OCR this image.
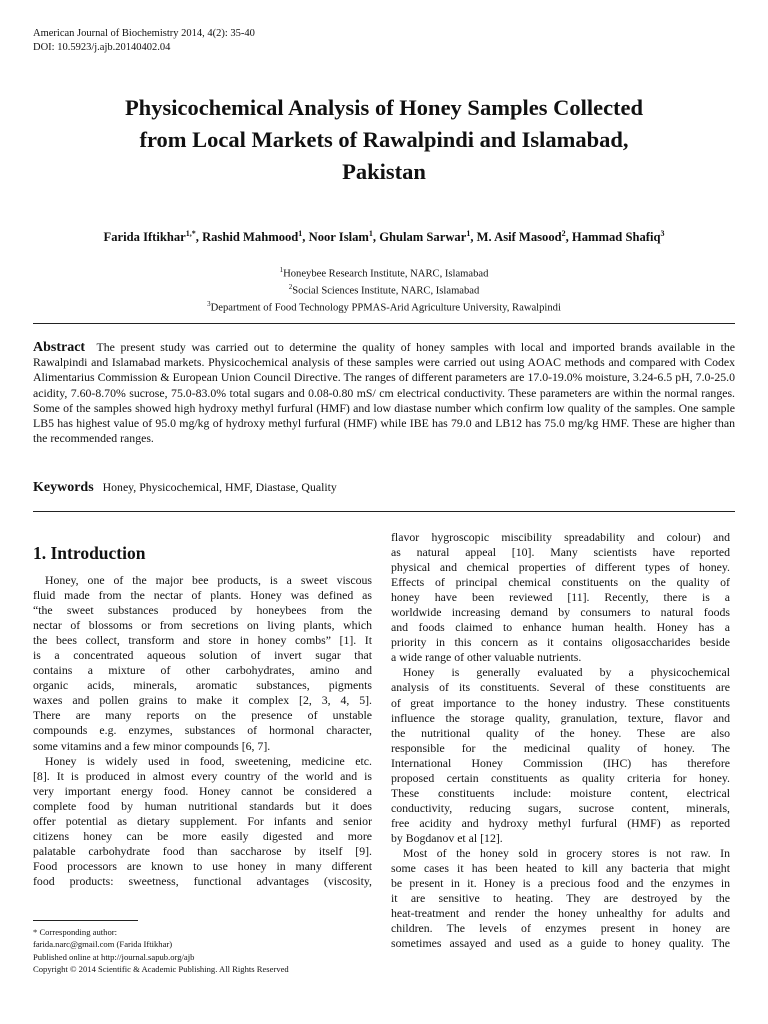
American Journal of Biochemistry 2014, 4(2): 35-40
DOI: 10.5923/j.ajb.20140402.04
Physicochemical Analysis of Honey Samples Collected
from Local Markets of Rawalpindi and Islamabad,
Pakistan
Farida Iftikhar$^{1,*}$, Rashid Mahmood$^1$, Noor Islam$^1$, Ghulam Sarwar$^1$, M. Asif Masood$^2$, Hammad Shafiq$^3$
$^1$Honeybee Research Institute, NARC, Islamabad
$^2$Social Sciences Institute, NARC, Islamabad
$^3$Department of Food Technology PPMAS-Arid Agriculture University, Rawalpindi
Abstract The present study was carried out to determine the quality of honey samples with local and imported brands available in the Rawalpindi and Islamabad markets. Physicochemical analysis of these samples were carried out using AOAC methods and compared with Codex Alimentarius Commission & European Union Council Directive. The ranges of different parameters are 17.0-19.0% moisture, 3.24-6.5 pH, 7.0-25.0 acidity, 7.60-8.70% sucrose, 75.0-83.0% total sugars and 0.08-0.80 mS/ cm electrical conductivity. These parameters are within the normal ranges. Some of the samples showed high hydroxy methyl furfural (HMF) and low diastase number which confirm low quality of the samples. One sample LB5 has highest value of 95.0 mg/kg of hydroxy methyl furfural (HMF) while IBE has 79.0 and LB12 has 75.0 mg/kg HMF. These are higher than the recommended ranges.
Keywords Honey, Physicochemical, HMF, Diastase, Quality
1. Introduction
Honey, one of the major bee products, is a sweet viscous
fluid made from the nectar of plants. Honey was defined as
“the sweet substances produced by honeybees from the
nectar of blossoms or from secretions on living plants, which
the bees collect, transform and store in honey combs” [1]. It
is a concentrated aqueous solution of invert sugar that
contains a mixture of other carbohydrates, amino and
organic acids, minerals, aromatic substances, pigments
waxes and pollen grains to make it complex [2, 3, 4, 5].
There are many reports on the presence of unstable
compounds e.g. enzymes, substances of hormonal character,
some vitamins and a few minor compounds [6, 7].
Honey is widely used in food, sweetening, medicine etc.
[8]. It is produced in almost every country of the world and is
very important energy food. Honey cannot be considered a
complete food by human nutritional standards but it does
offer potential as dietary supplement. For infants and senior
citizens honey can be more easily digested and more
palatable carbohydrate food than saccharose by itself [9].
Food processors are known to use honey in many different
food products: sweetness, functional advantages (viscosity,
flavor hygroscopic miscibility spreadability and colour) and
as natural appeal [10]. Many scientists have reported
physical and chemical properties of different types of honey.
Effects of principal chemical constituents on the quality of
honey have been reviewed [11]. Recently, there is a
worldwide increasing demand by consumers to natural foods
and foods claimed to enhance human health. Honey has a
priority in this concern as it contains oligosaccharides beside
a wide range of other valuable nutrients.
Honey is generally evaluated by a physicochemical
analysis of its constituents. Several of these constituents are
of great importance to the honey industry. These constituents
influence the storage quality, granulation, texture, flavor and
the nutritional quality of the honey. These are also
responsible for the medicinal quality of honey. The
International Honey Commission (IHC) has therefore
proposed certain constituents as quality criteria for honey.
These constituents include: moisture content, electrical
conductivity, reducing sugars, sucrose content, minerals,
free acidity and hydroxy methyl furfural (HMF) as reported
by Bogdanov et al [12].
Most of the honey sold in grocery stores is not raw. In
some cases it has been heated to kill any bacteria that might
be present in it. Honey is a precious food and the enzymes in
it are sensitive to heating. They are destroyed by the
heat-treatment and render the honey unhealthy for adults and
children. The levels of enzymes present in honey are
sometimes assayed and used as a guide to honey quality. The
* Corresponding author:
farida.narc@gmail.com (Farida Iftikhar)
Published online at http://journal.sapub.org/ajb
Copyright © 2014 Scientific & Academic Publishing. All Rights Reserved
